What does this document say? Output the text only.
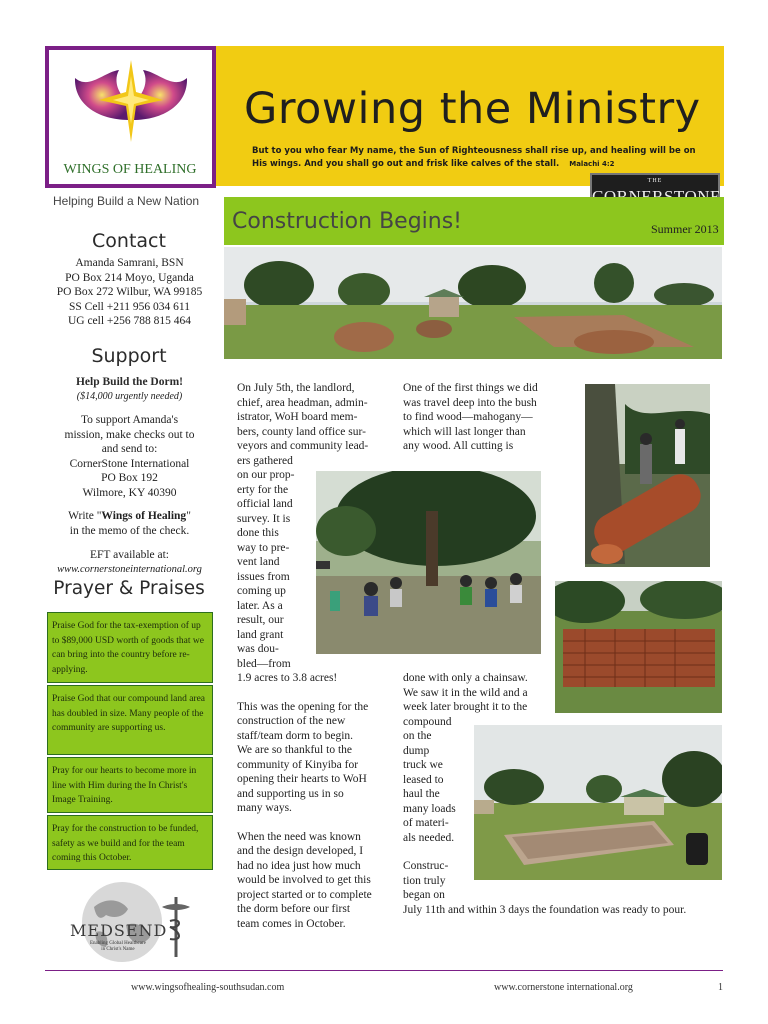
WINGS OF HEALING
Growing the Ministry
But to you who fear My name, the Sun of Righteousness shall rise up, and healing will be on His wings. And you shall go out and frisk like calves of the stall. Malachi 4:2
THE
Helping Build a New Nation
Construction Begins!	Summer 2013
Contact
Amanda Samrani, BSN
PO Box 214 Moyo, Uganda
PO Box 272 Wilbur, WA 99185
SS Cell +211 956 034 611
UG cell +256 788 815 464
Support
Help Build the Dorm!
($14,000 urgently needed)
To support Amanda's
mission, make checks out to
and send to:
CornerStone International
PO Box 192
Wilmore, KY 40390
Write "Wings of Healing"
in the memo of the check.
EFT available at:
www.cornerstoneinternational.org
Prayer & Praises
Praise God for the tax-exemption of up to $89,000 USD worth of goods that we can bring into the country before re-applying.
Praise God that our compound land area has doubled in size. Many people of the community are supporting us.
Pray for our hearts to become more in line with Him during the In Christ's Image Training.
Pray for the construction to be funded, safety as we build and for the team coming this October.
MEDSEND
Enabling Global Healthcare
in Christ's Name
On July 5th, the landlord,
chief, area headman, admin-
istrator, WoH board mem-
bers, county land office sur-
veyors and community lead-
ers gathered
on our prop-
erty for the
official land
survey. It is
done this
way to pre-
vent land
issues from
coming up
later. As a
result, our
land grant
was dou-
bled—from
1.9 acres to 3.8 acres!
This was the opening for the
construction of the new
staff/team dorm to begin.
We are so thankful to the
community of Kinyiba for
opening their hearts to WoH
and supporting us in so
many ways.
When the need was known
and the design developed, I
had no idea just how much
would be involved to get this
project started or to complete
the dorm before our first
team comes in October.
One of the first things we did
was travel deep into the bush
to find wood—mahogany—
which will last longer than
any wood. All cutting is
done with only a chainsaw.
We saw it in the wild and a
week later brought it to the
compound
on the
dump
truck we
leased to
haul the
many loads
of materi-
als needed.
Construc-
tion truly
began on
July 11th and within 3 days the foundation was ready to pour.
www.wingsofhealing-southsudan.com	www.cornerstone international.org	1
